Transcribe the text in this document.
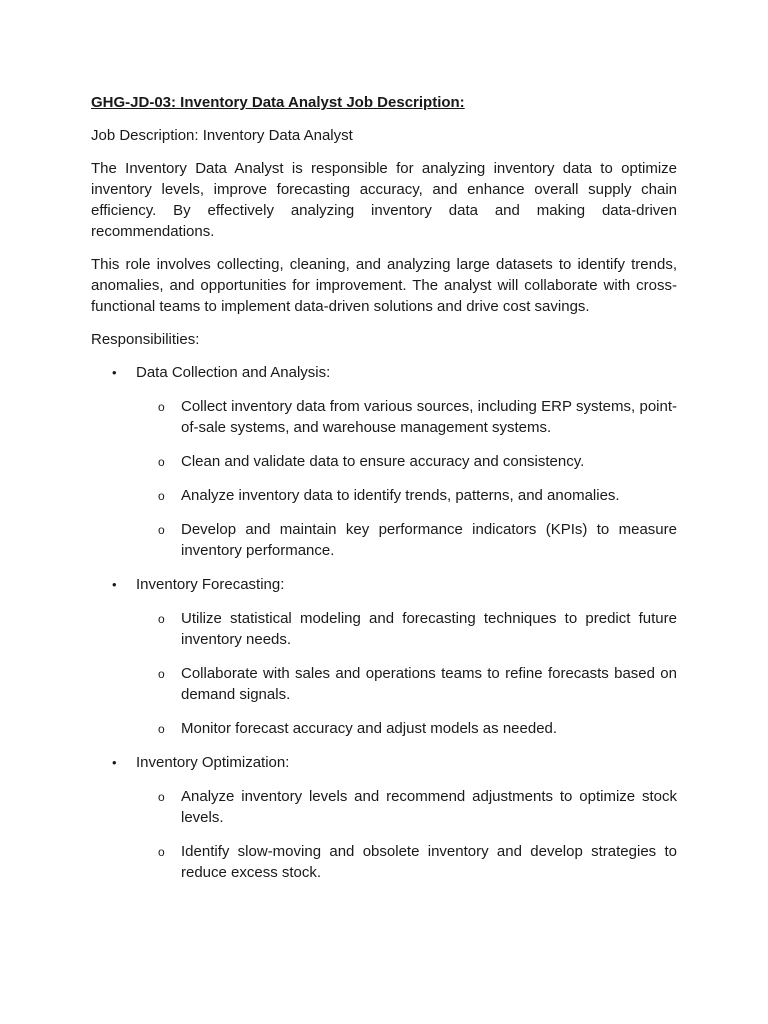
GHG-JD-03: Inventory Data Analyst Job Description:

Job Description: Inventory Data Analyst

The Inventory Data Analyst is responsible for analyzing inventory data to optimize inventory levels, improve forecasting accuracy, and enhance overall supply chain efficiency. By effectively analyzing inventory data and making data-driven recommendations.

This role involves collecting, cleaning, and analyzing large datasets to identify trends, anomalies, and opportunities for improvement. The analyst will collaborate with cross-functional teams to implement data-driven solutions and drive cost savings.

Responsibilities:

• Data Collection and Analysis:
o Collect inventory data from various sources, including ERP systems, point-of-sale systems, and warehouse management systems.
o Clean and validate data to ensure accuracy and consistency.
o Analyze inventory data to identify trends, patterns, and anomalies.
o Develop and maintain key performance indicators (KPIs) to measure inventory performance.
• Inventory Forecasting:
o Utilize statistical modeling and forecasting techniques to predict future inventory needs.
o Collaborate with sales and operations teams to refine forecasts based on demand signals.
o Monitor forecast accuracy and adjust models as needed.
• Inventory Optimization:
o Analyze inventory levels and recommend adjustments to optimize stock levels.
o Identify slow-moving and obsolete inventory and develop strategies to reduce excess stock.
